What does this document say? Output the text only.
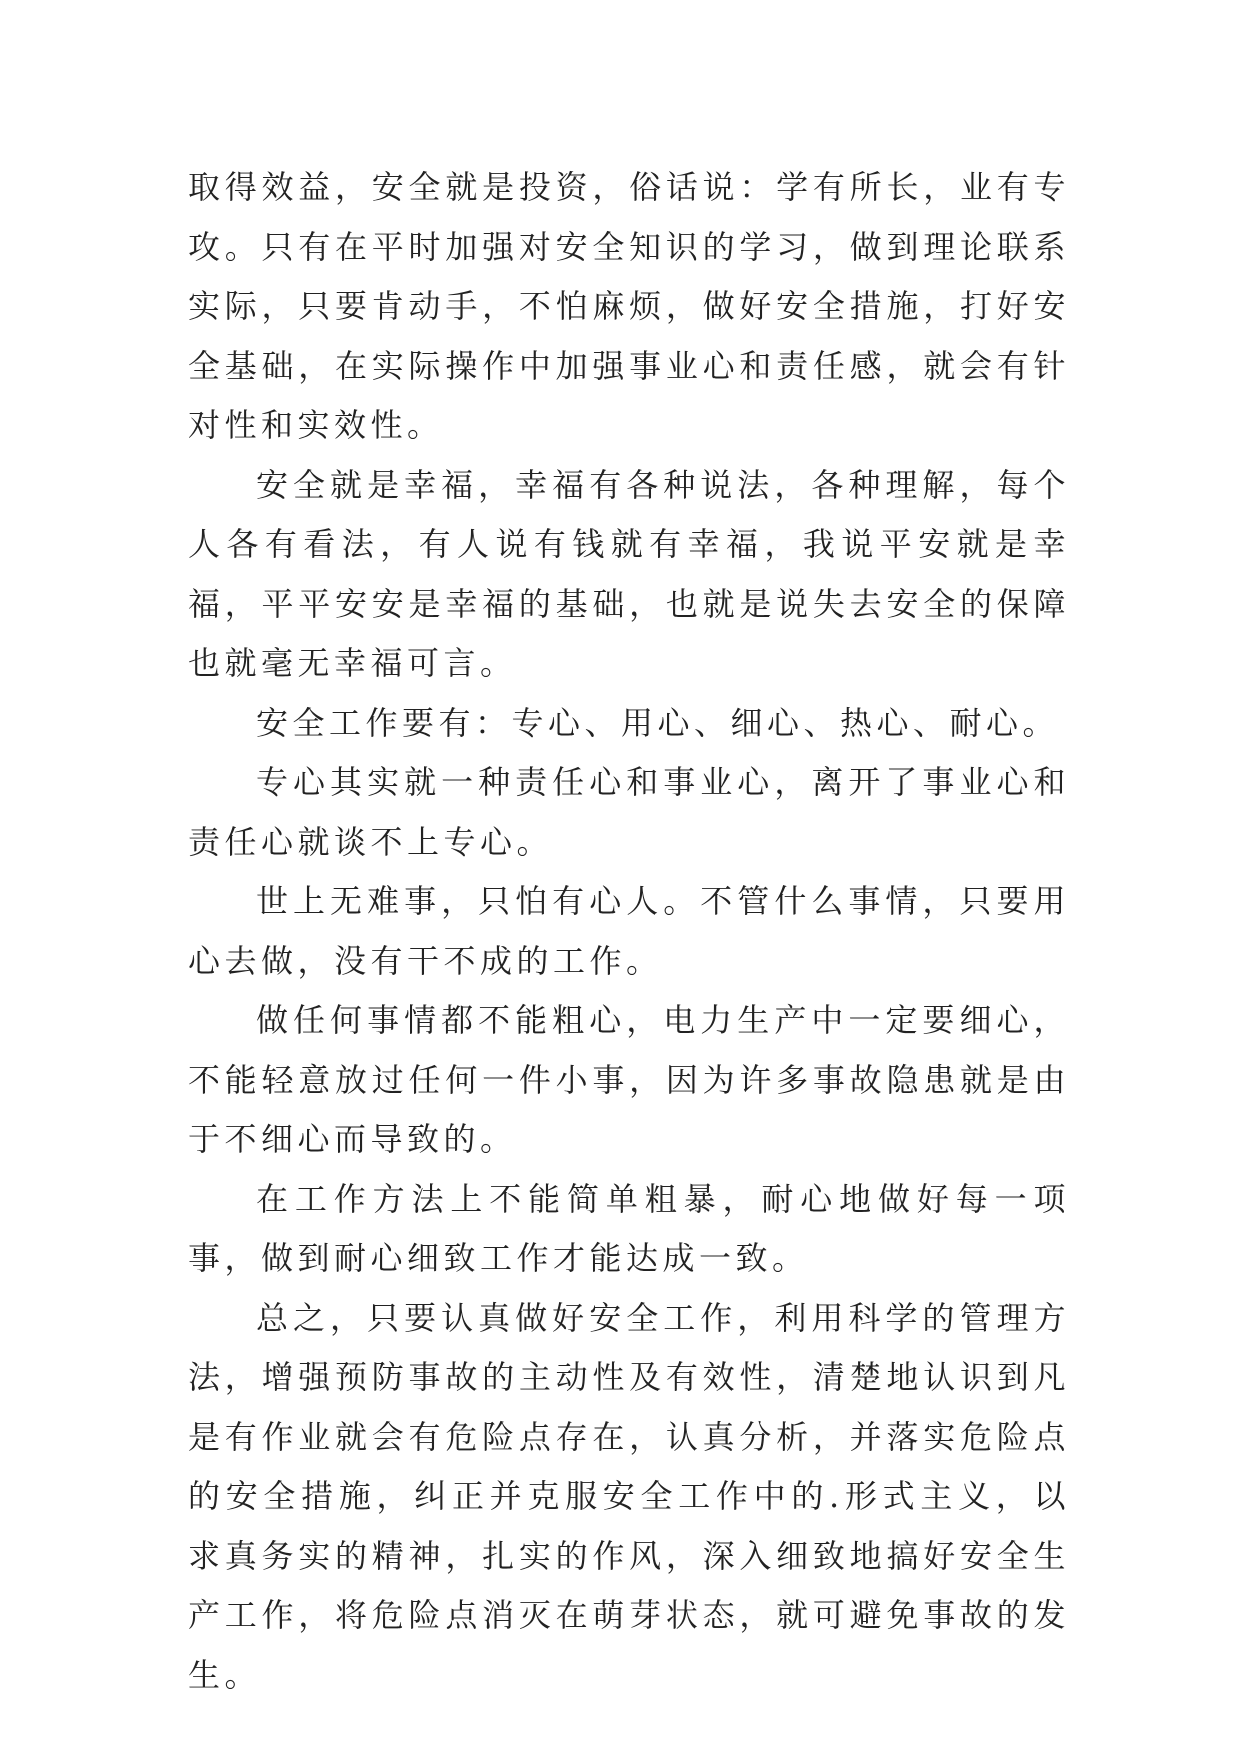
取得效益，安全就是投资，俗话说：学有所长，业有专攻。只有在平时加强对安全知识的学习，做到理论联系实际，只要肯动手，不怕麻烦，做好安全措施，打好安全基础，在实际操作中加强事业心和责任感，就会有针对性和实效性。

安全就是幸福，幸福有各种说法，各种理解，每个人各有看法，有人说有钱就有幸福，我说平安就是幸福，平平安安是幸福的基础，也就是说失去安全的保障也就毫无幸福可言。

安全工作要有：专心、用心、细心、热心、耐心。

专心其实就一种责任心和事业心，离开了事业心和责任心就谈不上专心。

世上无难事，只怕有心人。不管什么事情，只要用心去做，没有干不成的工作。

做任何事情都不能粗心，电力生产中一定要细心，不能轻意放过任何一件小事，因为许多事故隐患就是由于不细心而导致的。

在工作方法上不能简单粗暴，耐心地做好每一项事，做到耐心细致工作才能达成一致。

总之，只要认真做好安全工作，利用科学的管理方法，增强预防事故的主动性及有效性，清楚地认识到凡是有作业就会有危险点存在，认真分析，并落实危险点的安全措施，纠正并克服安全工作中的.形式主义，以求真务实的精神，扎实的作风，深入细致地搞好安全生产工作，将危险点消灭在萌芽状态，就可避免事故的发生。
